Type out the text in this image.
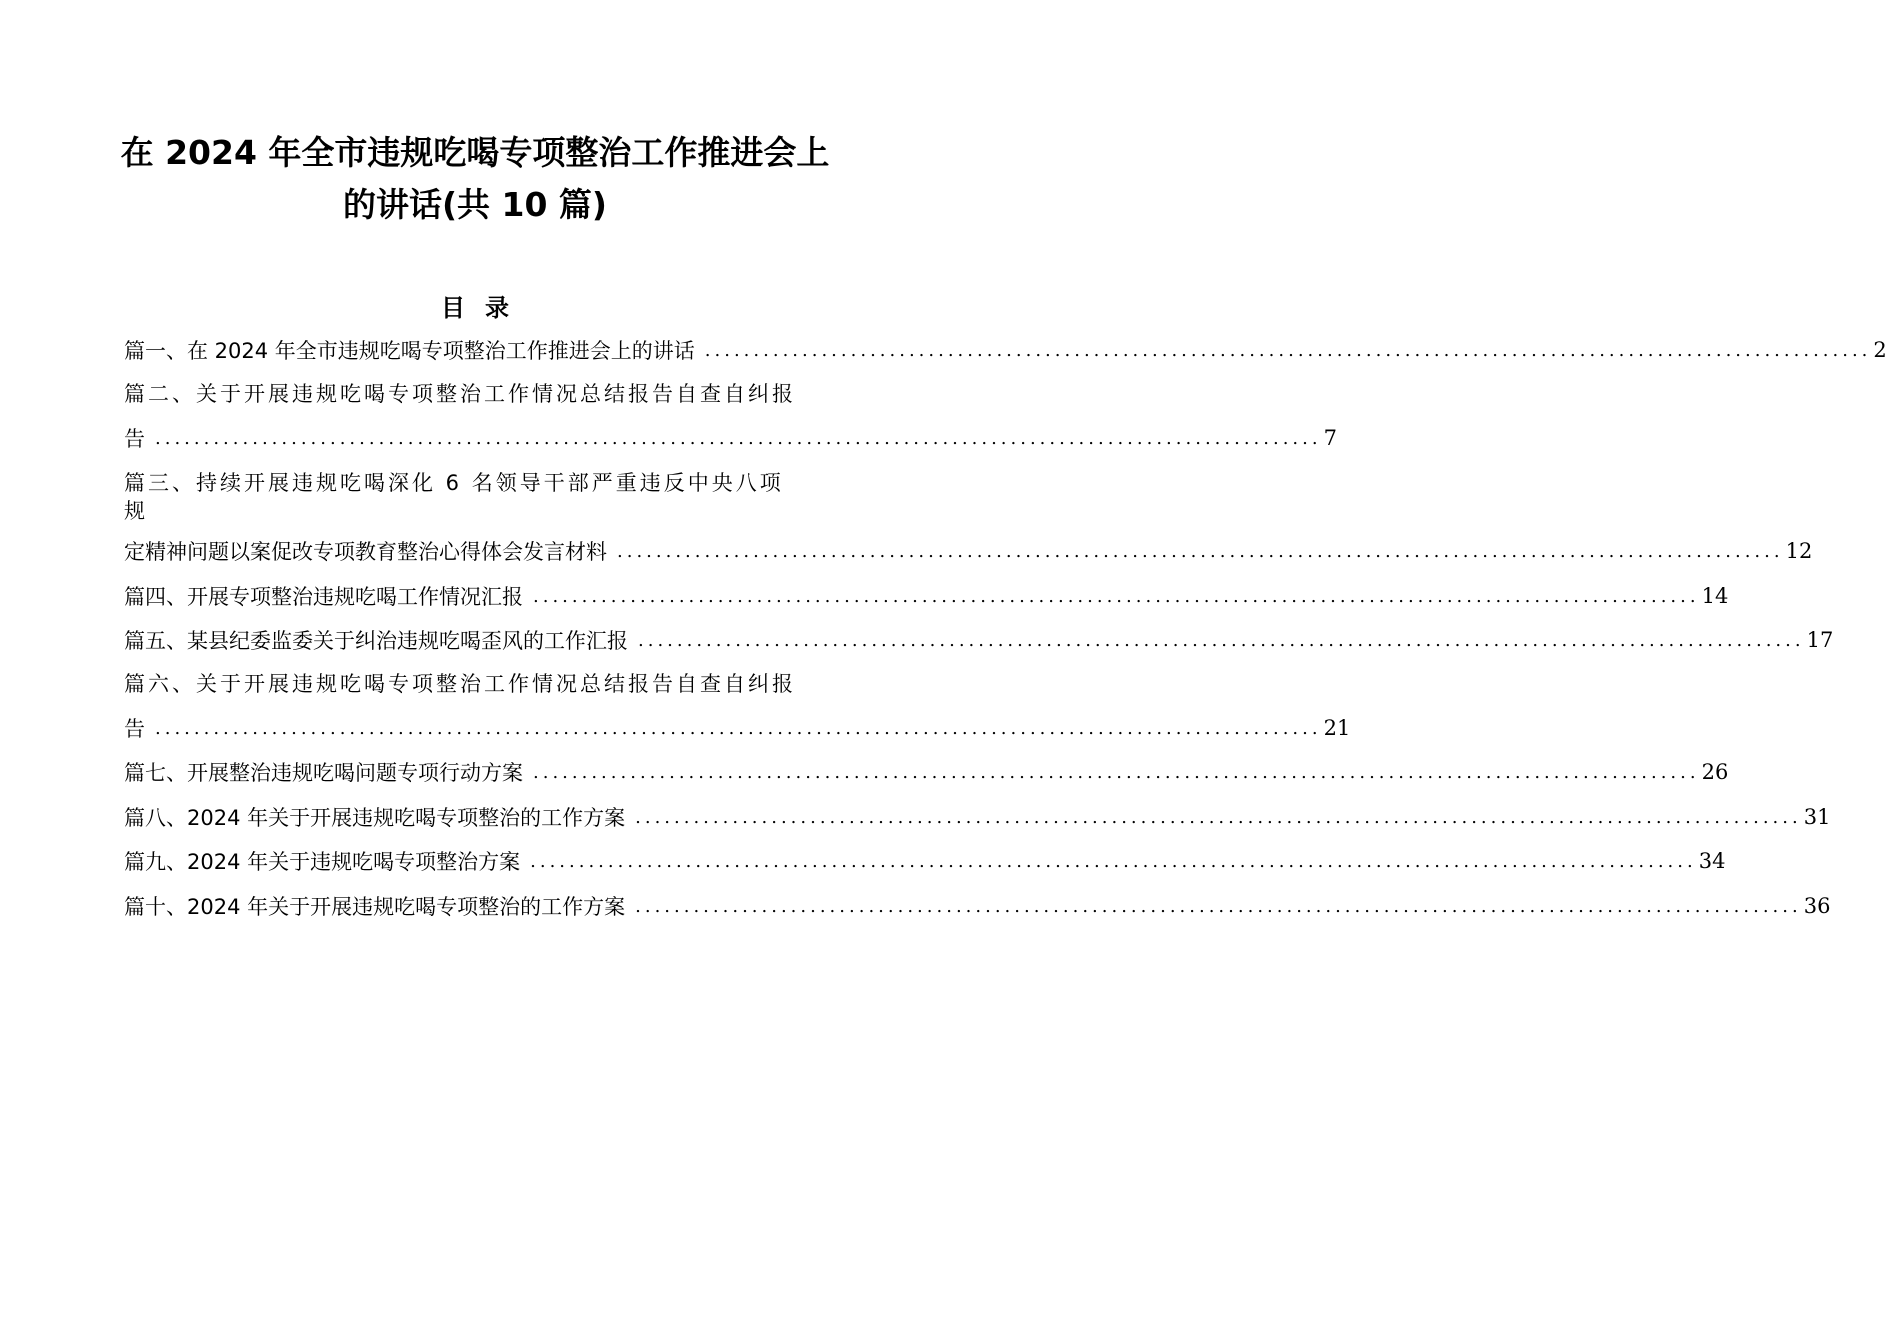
在 2024 年全市违规吃喝专项整治工作推进会上
的讲话(共 10 篇)
目录
篇一、在 2024 年全市违规吃喝专项整治工作推进会上的讲话 ........................................................................................................................ 2
篇二、关于开展违规吃喝专项整治工作情况总结报告自查自纠报
告 ........................................................................................................................ 7
篇三、持续开展违规吃喝深化 6 名领导干部严重违反中央八项
规
定精神问题以案促改专项教育整治心得体会发言材料 ........................................................................................................................ 12
篇四、开展专项整治违规吃喝工作情况汇报 ........................................................................................................................ 14
篇五、某县纪委监委关于纠治违规吃喝歪风的工作汇报 ........................................................................................................................ 17
篇六、关于开展违规吃喝专项整治工作情况总结报告自查自纠报
告 ........................................................................................................................ 21
篇七、开展整治违规吃喝问题专项行动方案 ........................................................................................................................ 26
篇八、2024 年关于开展违规吃喝专项整治的工作方案 ........................................................................................................................ 31
篇九、2024 年关于违规吃喝专项整治方案 ........................................................................................................................ 34
篇十、2024 年关于开展违规吃喝专项整治的工作方案 ........................................................................................................................ 36
